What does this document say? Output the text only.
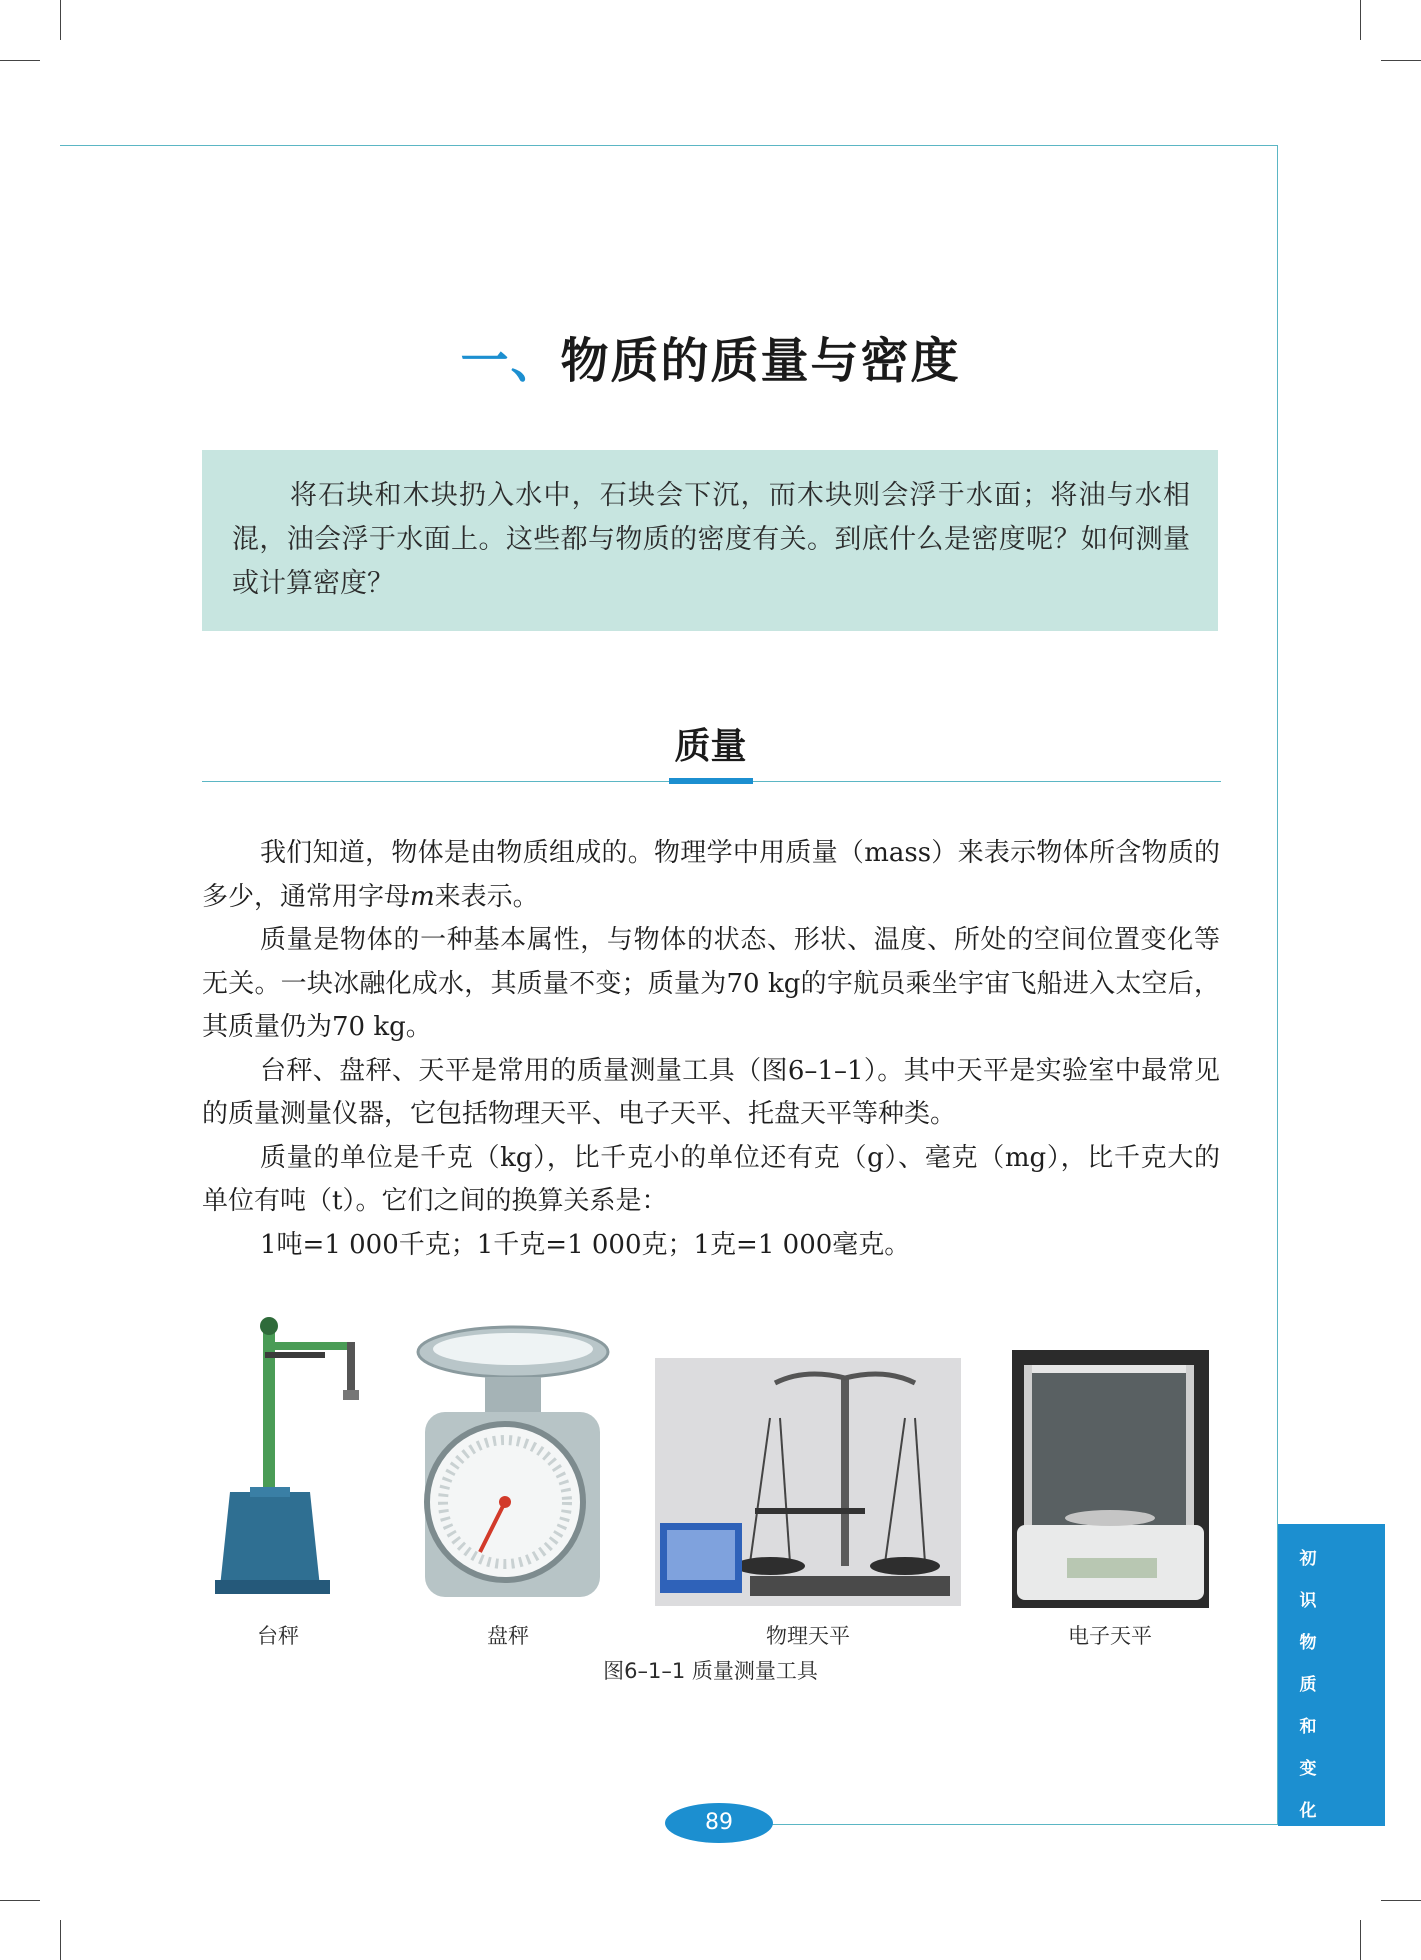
一、物质的质量与密度
将石块和木块扔入水中，石块会下沉，而木块则会浮于水面；将油与水相混，油会浮于水面上。这些都与物质的密度有关。到底什么是密度呢？如何测量或计算密度？
质量

我们知道，物体是由物质组成的。物理学中用质量（mass）来表示物体所含物质的多少，通常用字母m来表示。

质量是物体的一种基本属性，与物体的状态、形状、温度、所处的空间位置变化等无关。一块冰融化成水，其质量不变；质量为70 kg的宇航员乘坐宇宙飞船进入太空后，其质量仍为70 kg。

台秤、盘秤、天平是常用的质量测量工具（图6–1–1）。其中天平是实验室中最常见的质量测量仪器，它包括物理天平、电子天平、托盘天平等种类。

质量的单位是千克（kg），比千克小的单位还有克（g）、毫克（mg），比千克大的单位有吨（t）。它们之间的换算关系是：

1吨=1 000千克；1千克=1 000克；1克=1 000毫克。

台秤	盘秤	物理天平	电子天平
图6–1–1 质量测量工具
初
识
物
质
和
变
化
89
